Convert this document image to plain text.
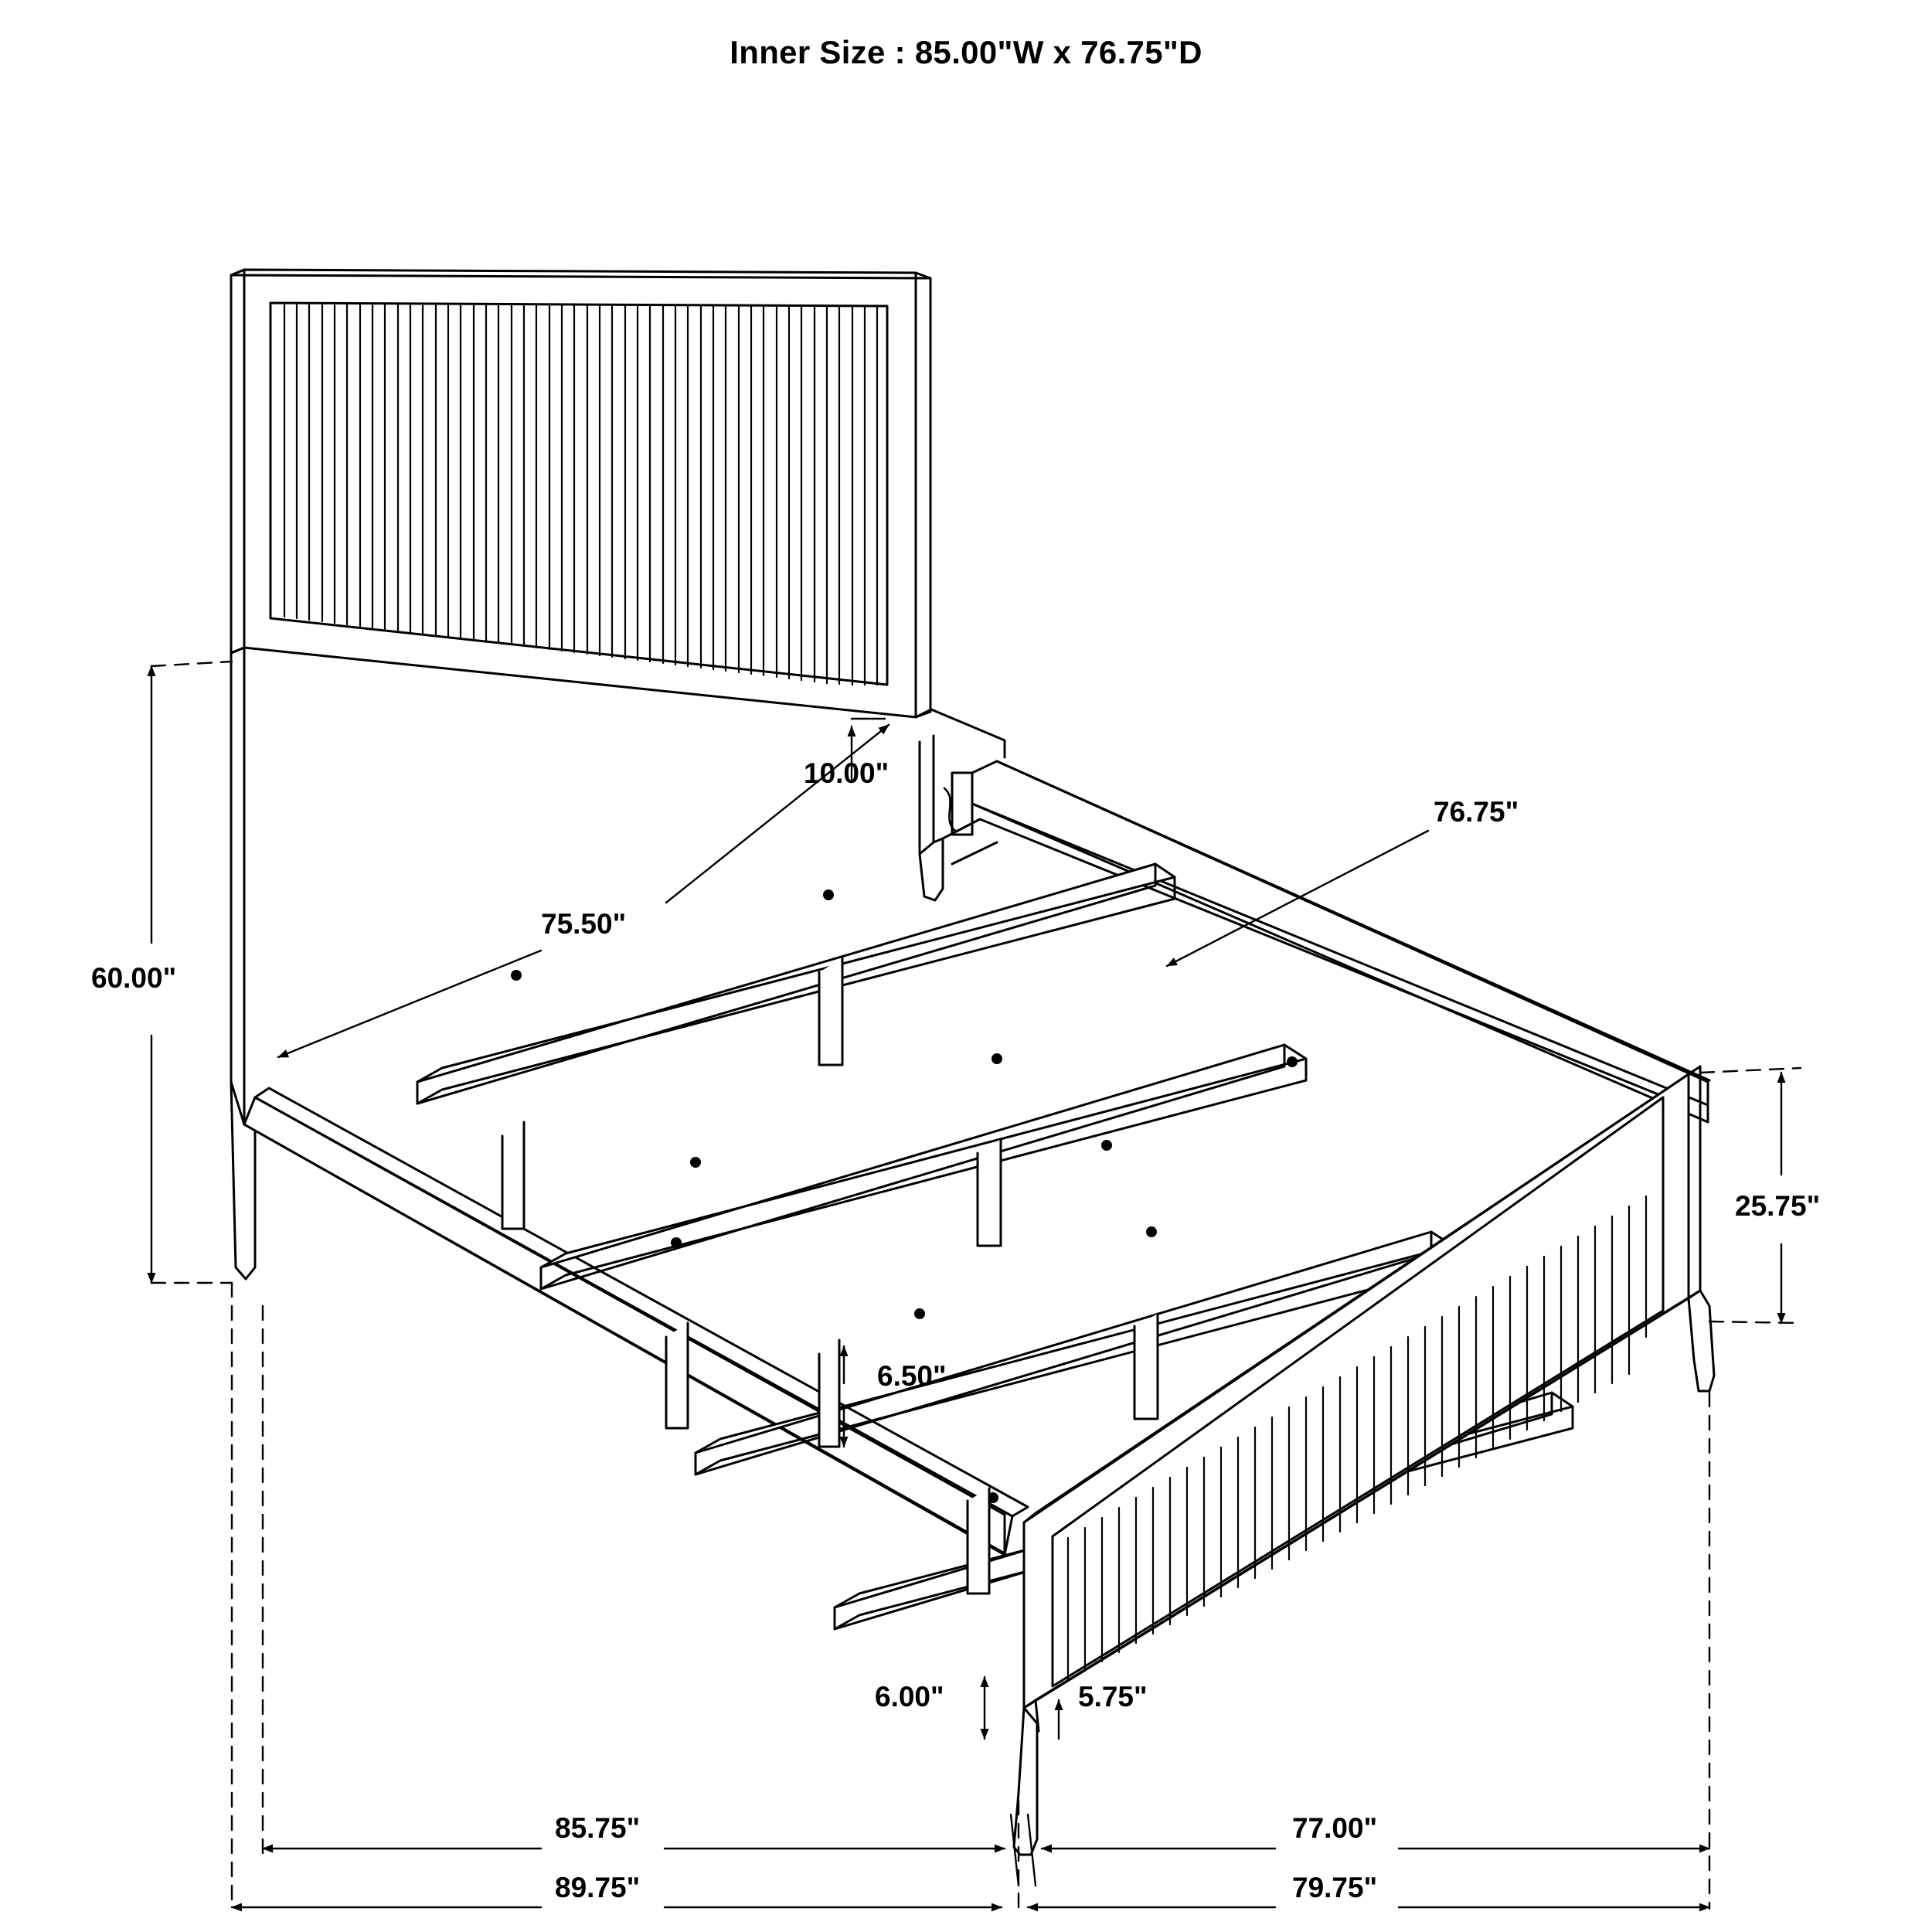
Inner Size : 85.00"W x 76.75"D
60.00"
10.00"
75.50"
76.75"
25.75"
6.50"
6.00"	5.75"
85.75"	77.00"
89.75"	79.75"
